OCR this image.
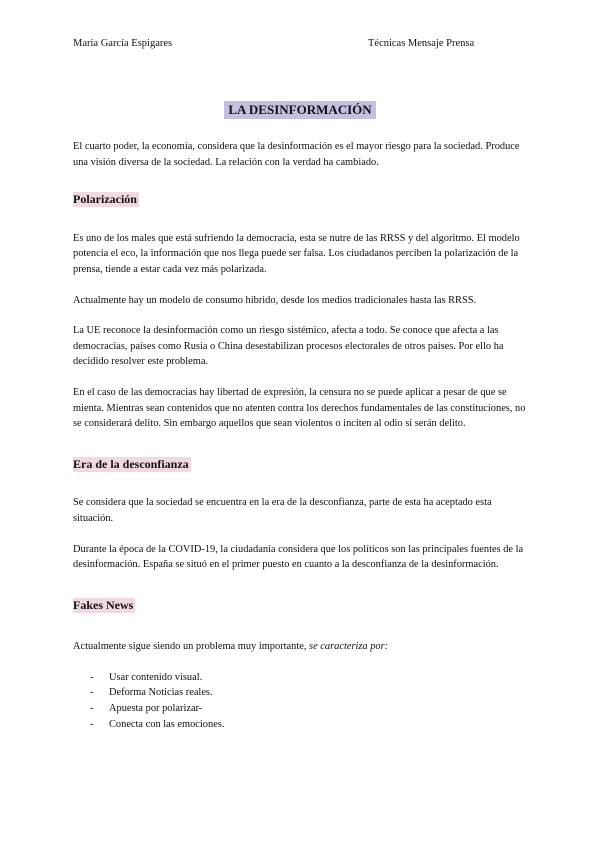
María García Espigares	Técnicas Mensaje Prensa
LA DESINFORMACIÓN

El cuarto poder, la economía, considera que la desinformación es el mayor riesgo para la sociedad. Produce una visión diversa de la sociedad. La relación con la verdad ha cambiado.

Polarización

Es uno de los males que está sufriendo la democracia, esta se nutre de las RRSS y del algoritmo. El modelo potencia el eco, la información que nos llega puede ser falsa. Los ciudadanos perciben la polarización de la prensa, tiende a estar cada vez más polarizada.

Actualmente hay un modelo de consumo híbrido, desde los medios tradicionales hasta las RRSS.

La UE reconoce la desinformación como un riesgo sistémico, afecta a todo. Se conoce que afecta a las democracias, países como Rusia o China desestabilizan procesos electorales de otros países. Por ello ha decidido resolver este problema.

En el caso de las democracias hay libertad de expresión, la censura no se puede aplicar a pesar de que se mienta. Mientras sean contenidos que no atenten contra los derechos fundamentales de las constituciones, no se considerará delito. Sin embargo aquellos que sean violentos o inciten al odio sí serán delito.

Era de la desconfianza

Se considera que la sociedad se encuentra en la era de la desconfianza, parte de esta ha aceptado esta situación.

Durante la época de la COVID-19, la ciudadanía considera que los políticos son las principales fuentes de la desinformación. España se situó en el primer puesto en cuanto a la desconfianza de la desinformación.

Fakes News

Actualmente sigue siendo un problema muy importante, se caracteriza por:

- Usar contenido visual.
- Deforma Noticias reales.
- Apuesta por polarizar-
- Conecta con las emociones.
